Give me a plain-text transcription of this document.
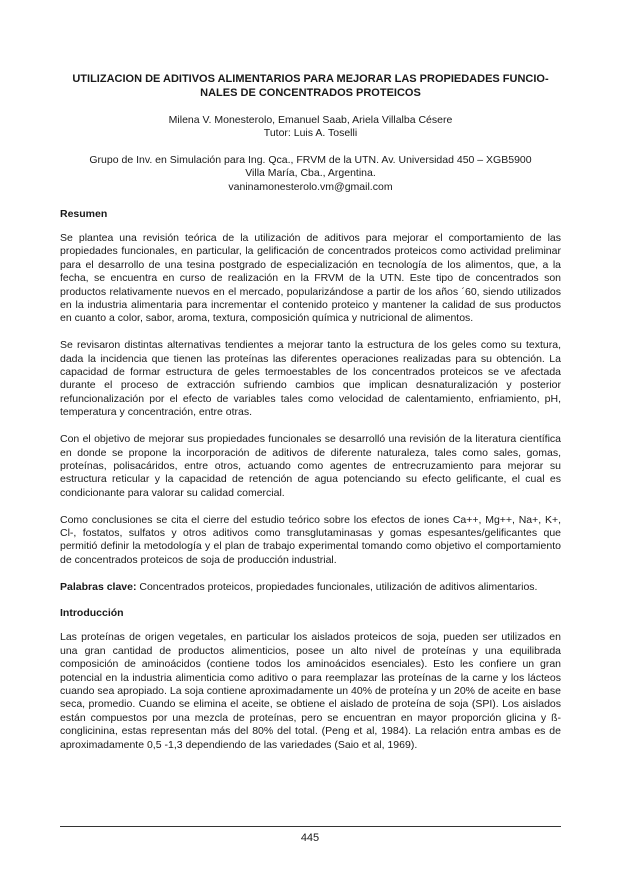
UTILIZACION DE ADITIVOS ALIMENTARIOS PARA MEJORAR LAS PROPIEDADES FUNCIO-NALES DE CONCENTRADOS PROTEICOS

Milena V. Monesterolo, Emanuel Saab, Ariela Villalba Césere

Tutor: Luis A. Toselli

Grupo de Inv. en Simulación para Ing. Qca., FRVM de la UTN. Av. Universidad 450 – XGB5900

Villa María, Cba., Argentina.

vaninamonesterolo.vm@gmail.com

Resumen

Se plantea una revisión teórica de la utilización de aditivos para mejorar el comportamiento de las propiedades funcionales, en particular, la gelificación de concentrados proteicos como actividad preliminar para el desarrollo de una tesina postgrado de especialización en tecnología de los alimentos, que, a la fecha, se encuentra en curso de realización en la FRVM de la UTN. Este tipo de concentrados son productos relativamente nuevos en el mercado, popularizándose a partir de los años ´60, siendo utilizados en la industria alimentaria para incrementar el contenido proteico y mantener la calidad de sus productos en cuanto a color, sabor, aroma, textura, composición química y nutricional de alimentos.

Se revisaron distintas alternativas tendientes a mejorar tanto la estructura de los geles como su textura, dada la incidencia que tienen las proteínas las diferentes operaciones realizadas para su obtención. La capacidad de formar estructura de geles termoestables de los concentrados proteicos se ve afectada durante el proceso de extracción sufriendo cambios que implican desnaturalización y posterior refuncionalización por el efecto de variables tales como velocidad de calentamiento, enfriamiento, pH, temperatura y concentración, entre otras.

Con el objetivo de mejorar sus propiedades funcionales se desarrolló una revisión de la literatura científica en donde se propone la incorporación de aditivos de diferente naturaleza, tales como sales, gomas, proteínas, polisacáridos, entre otros, actuando como agentes de entrecruzamiento para mejorar su estructura reticular y la capacidad de retención de agua potenciando su efecto gelificante, el cual es condicionante para valorar su calidad comercial.

Como conclusiones se cita el cierre del estudio teórico sobre los efectos de iones Ca++, Mg++, Na+, K+, Cl-, fostatos, sulfatos y otros aditivos como transglutaminasas y gomas espesantes/gelificantes que permitió definir la metodología y el plan de trabajo experimental tomando como objetivo el comportamiento de concentrados proteicos de soja de producción industrial.

Palabras clave: Concentrados proteicos, propiedades funcionales, utilización de aditivos alimentarios.

Introducción

Las proteínas de origen vegetales, en particular los aislados proteicos de soja, pueden ser utilizados en una gran cantidad de productos alimenticios, posee un alto nivel de proteínas y una equilibrada composición de aminoácidos (contiene todos los aminoácidos esenciales). Esto les confiere un gran potencial en la industria alimenticia como aditivo o para reemplazar las proteínas de la carne y los lácteos cuando sea apropiado. La soja contiene aproximadamente un 40% de proteína y un 20% de aceite en base seca, promedio. Cuando se elimina el aceite, se obtiene el aislado de proteína de soja (SPI). Los aislados están compuestos por una mezcla de proteínas, pero se encuentran en mayor proporción glicina y ß-conglicinina, estas representan más del 80% del total. (Peng et al, 1984). La relación entra ambas es de aproximadamente 0,5 -1,3 dependiendo de las variedades (Saio et al, 1969).

445
